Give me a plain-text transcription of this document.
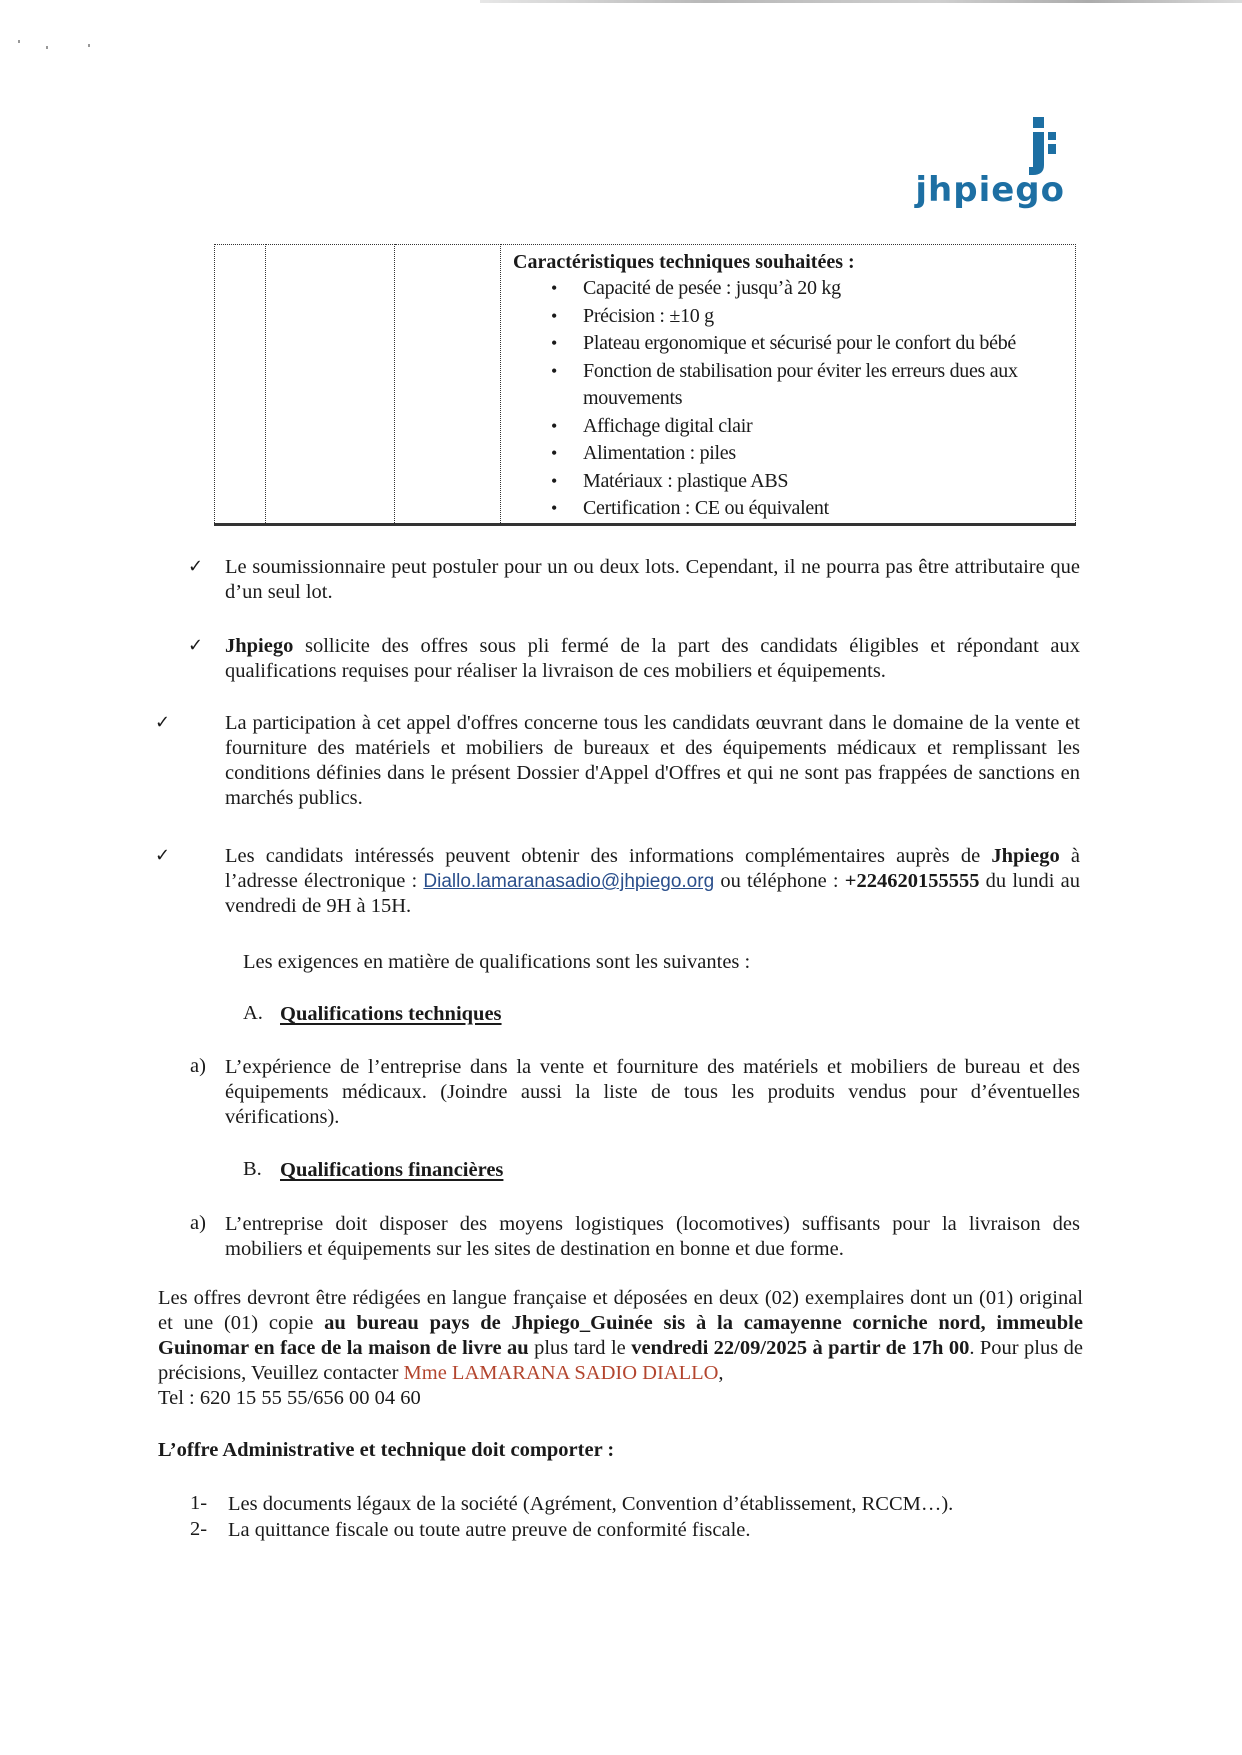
jhpiego

Caractéristiques techniques souhaitées :
• Capacité de pesée : jusqu’à 20 kg
• Précision : ±10 g
• Plateau ergonomique et sécurisé pour le confort du bébé
• Fonction de stabilisation pour éviter les erreurs dues aux mouvements
• Affichage digital clair
• Alimentation : piles
• Matériaux : plastique ABS
• Certification : CE ou équivalent
✓ Le soumissionnaire peut postuler pour un ou deux lots. Cependant, il ne pourra pas être attributaire que d’un seul lot.
✓ Jhpiego sollicite des offres sous pli fermé de la part des candidats éligibles et répondant aux qualifications requises pour réaliser la livraison de ces mobiliers et équipements.
✓	La participation à cet appel d'offres concerne tous les candidats œuvrant dans le domaine de la vente et fourniture des matériels et mobiliers de bureaux et des équipements médicaux et remplissant les conditions définies dans le présent Dossier d'Appel d'Offres et qui ne sont pas frappées de sanctions en marchés publics.
✓	Les candidats intéressés peuvent obtenir des informations complémentaires auprès de Jhpiego à l’adresse électronique : Diallo.lamaranasadio@jhpiego.org ou téléphone : +224620155555 du lundi au vendredi de 9H à 15H.
Les exigences en matière de qualifications sont les suivantes :
A. Qualifications techniques
a) L’expérience de l’entreprise dans la vente et fourniture des matériels et mobiliers de bureau et des équipements médicaux. (Joindre aussi la liste de tous les produits vendus pour d’éventuelles vérifications).
B. Qualifications financières
a) L’entreprise doit disposer des moyens logistiques (locomotives) suffisants pour la livraison des mobiliers et équipements sur les sites de destination en bonne et due forme.
Les offres devront être rédigées en langue française et déposées en deux (02) exemplaires dont un (01) original et une (01) copie au bureau pays de Jhpiego_Guinée sis à la camayenne corniche nord, immeuble Guinomar en face de la maison de livre au plus tard le vendredi 22/09/2025 à partir de 17h 00. Pour plus de précisions, Veuillez contacter Mme LAMARANA SADIO DIALLO,
Tel : 620 15 55 55/656 00 04 60
L’offre Administrative et technique doit comporter :
1- Les documents légaux de la société (Agrément, Convention d’établissement, RCCM…).
2- La quittance fiscale ou toute autre preuve de conformité fiscale.
